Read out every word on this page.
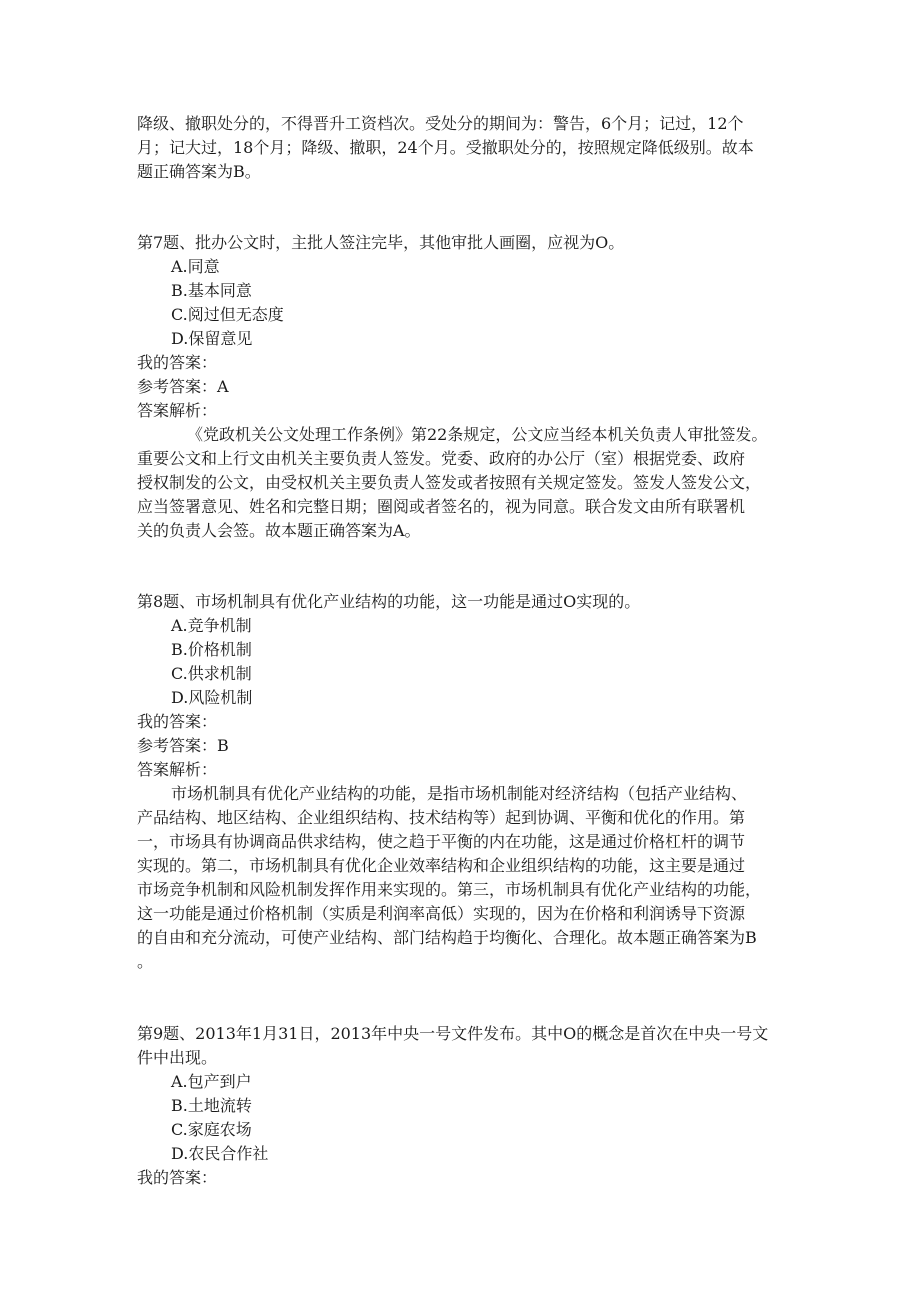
降级、撤职处分的，不得晋升工资档次。受处分的期间为：警告，6个月；记过，12个
月；记大过，18个月；降级、撤职，24个月。受撤职处分的，按照规定降低级别。故本
题正确答案为B。
第7题、批办公文时，主批人签注完毕，其他审批人画圈，应视为O。
A.同意
B.基本同意
C.阅过但无态度
D.保留意见
我的答案：
参考答案：A
答案解析：
《党政机关公文处理工作条例》第22条规定，公文应当经本机关负责人审批签发。
重要公文和上行文由机关主要负责人签发。党委、政府的办公厅（室）根据党委、政府
授权制发的公文，由受权机关主要负责人签发或者按照有关规定签发。签发人签发公文，
应当签署意见、姓名和完整日期；圈阅或者签名的，视为同意。联合发文由所有联署机
关的负责人会签。故本题正确答案为A。
第8题、市场机制具有优化产业结构的功能，这一功能是通过O实现的。
A.竞争机制
B.价格机制
C.供求机制
D.风险机制
我的答案：
参考答案：B
答案解析：
市场机制具有优化产业结构的功能，是指市场机制能对经济结构（包括产业结构、
产品结构、地区结构、企业组织结构、技术结构等）起到协调、平衡和优化的作用。第
一，市场具有协调商品供求结构，使之趋于平衡的内在功能，这是通过价格杠杆的调节
实现的。第二，市场机制具有优化企业效率结构和企业组织结构的功能，这主要是通过
市场竞争机制和风险机制发挥作用来实现的。第三，市场机制具有优化产业结构的功能，
这一功能是通过价格机制（实质是利润率高低）实现的，因为在价格和利润诱导下资源
的自由和充分流动，可使产业结构、部门结构趋于均衡化、合理化。故本题正确答案为B
。
第9题、2013年1月31日，2013年中央一号文件发布。其中O的概念是首次在中央一号文
件中出现。
A.包产到户
B.土地流转
C.家庭农场
D.农民合作社
我的答案：
